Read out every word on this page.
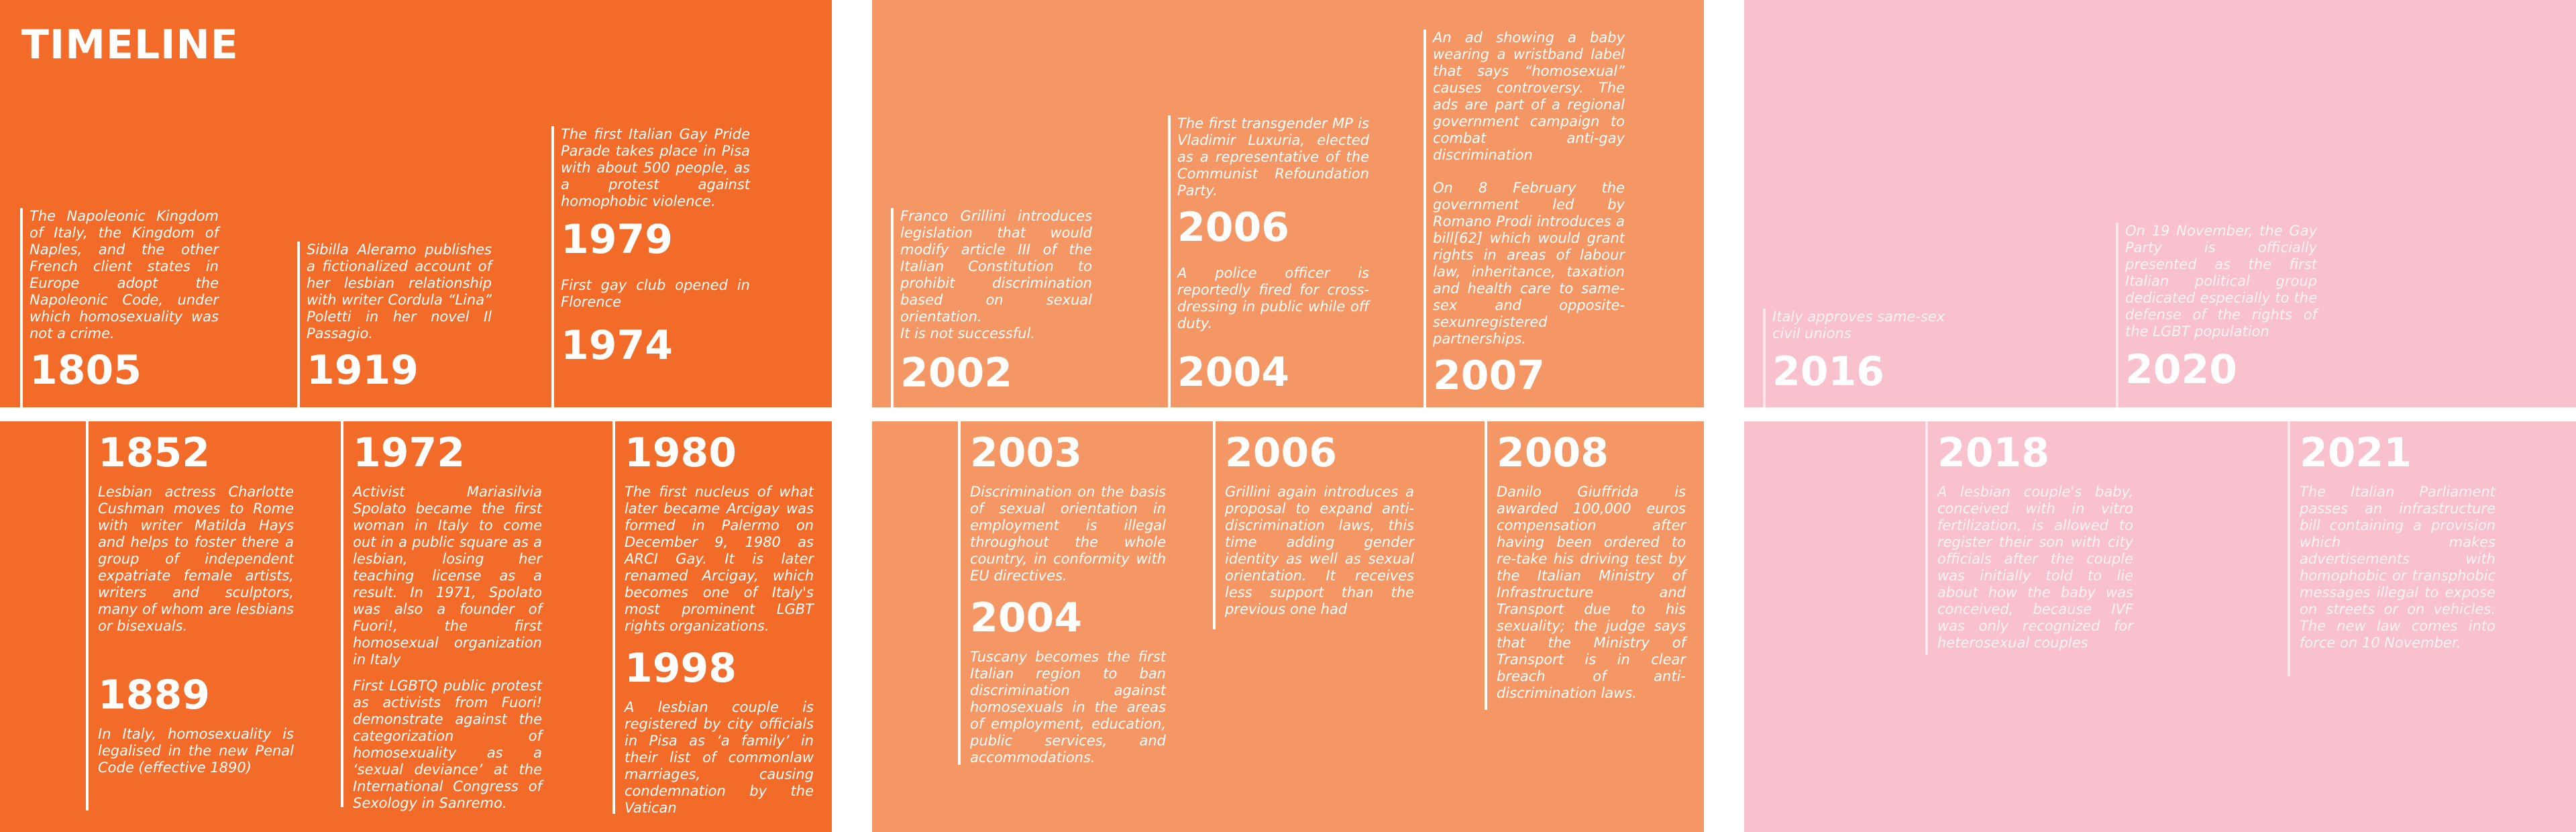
TIMELINE
The Napoleonic Kingdom of Italy, the Kingdom of Naples, and the other French client states in Europe adopt the Napoleonic Code, under which homosexuality was not a crime.
1805
Sibilla Aleramo publishes a fictionalized account of her lesbian relationship with writer Cordula “Lina” Poletti in her novel Il Passagio.
1919
The first Italian Gay Pride Parade takes place in Pisa with about 500 people, as a protest against homophobic violence.
1979
First gay club opened in Florence
1974
1852
Lesbian actress Charlotte Cushman moves to Rome with writer Matilda Hays and helps to foster there a group of independent expatriate female artists, writers and sculptors, many of whom are lesbians or bisexuals.
1889
In Italy, homosexuality is legalised in the new Penal Code (effective 1890)
1972
Activist Mariasilvia Spolato became the first woman in Italy to come out in a public square as a lesbian, losing her teaching license as a result. In 1971, Spolato was also a founder of Fuori!, the first homosexual organization in Italy
First LGBTQ public protest as activists from Fuori! demonstrate against the categorization of homosexuality as a ‘sexual deviance’ at the International Congress of Sexology in Sanremo.
1980
The first nucleus of what later became Arcigay was formed in Palermo on December 9, 1980 as ARCI Gay. It is later renamed Arcigay, which becomes one of Italy's most prominent LGBT rights organizations.
1998
A lesbian couple is registered by city officials in Pisa as ‘a family’ in their list of commonlaw marriages, causing condemnation by the Vatican
Franco Grillini introduces legislation that would modify article III of the Italian Constitution to prohibit discrimination based on sexual orientation.
It is not successful.
2002
The first transgender MP is Vladimir Luxuria, elected as a representative of the Communist Refoundation Party.
2006
A police officer is reportedly fired for cross-dressing in public while off duty.
2004
An ad showing a baby wearing a wristband label that says “homosexual” causes controversy. The ads are part of a regional government campaign to combat anti-gay discrimination
On 8 February the government led by Romano Prodi introduces a bill[62] which would grant rights in areas of labour law, inheritance, taxation and health care to same-sex and opposite-sexunregistered partnerships.
2007
2003
Discrimination on the basis of sexual orientation in employment is illegal throughout the whole country, in conformity with EU directives.
2004
Tuscany becomes the first Italian region to ban discrimination against homosexuals in the areas of employment, education, public services, and accommodations.
2006
Grillini again introduces a proposal to expand anti-discrimination laws, this time adding gender identity as well as sexual orientation. It receives less support than the previous one had
2008
Danilo Giuffrida is awarded 100,000 euros compensation after having been ordered to re-take his driving test by the Italian Ministry of Infrastructure and Transport due to his sexuality; the judge says that the Ministry of Transport is in clear breach of anti-discrimination laws.
Italy approves same-sex civil unions
2016
On 19 November, the Gay Party is officially presented as the first Italian political group dedicated especially to the defense of the rights of the LGBT population
2020
2018
A lesbian couple's baby, conceived with in vitro fertilization, is allowed to register their son with city officials after the couple was initially told to lie about how the baby was conceived, because IVF was only recognized for heterosexual couples
2021
The Italian Parliament passes an infrastructure bill containing a provision which makes advertisements with homophobic or transphobic messages illegal to expose on streets or on vehicles. The new law comes into force on 10 November.
